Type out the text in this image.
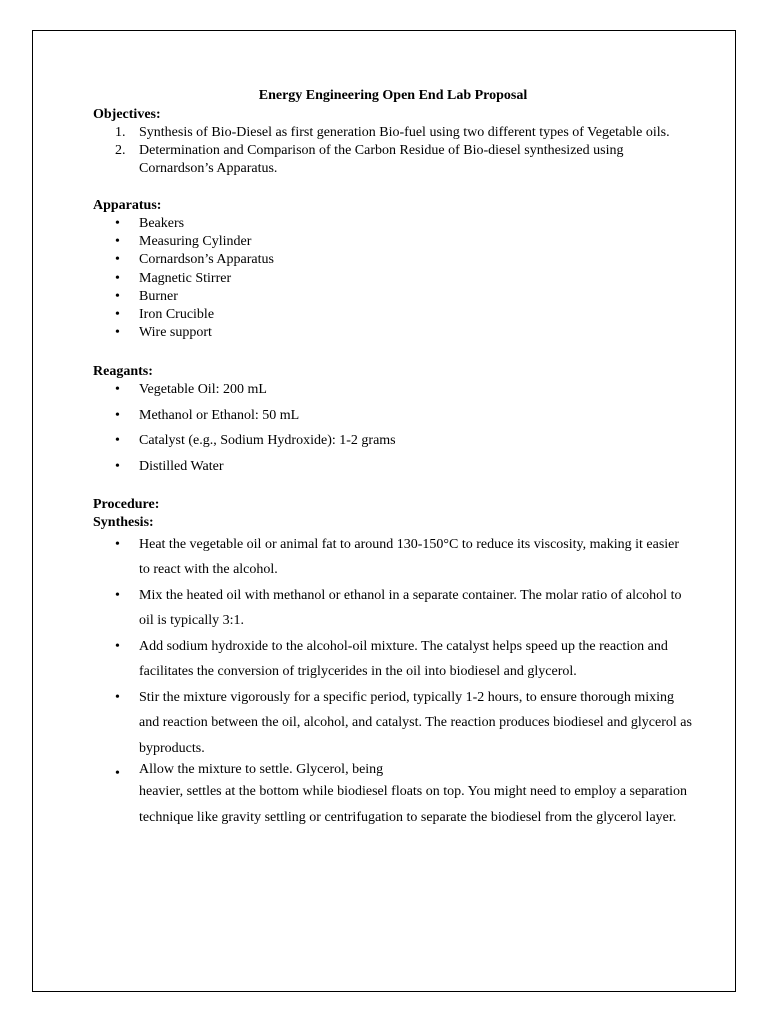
Energy Engineering Open End Lab Proposal

Objectives:

1. Synthesis of Bio-Diesel as first generation Bio-fuel using two different types of Vegetable oils.
2. Determination and Comparison of the Carbon Residue of Bio-diesel synthesized using Cornardson’s Apparatus.

Apparatus:

• Beakers
• Measuring Cylinder
• Cornardson’s Apparatus
• Magnetic Stirrer
• Burner
• Iron Crucible
• Wire support

Reagants:

• Vegetable Oil: 200 mL
• Methanol or Ethanol: 50 mL
• Catalyst (e.g., Sodium Hydroxide): 1-2 grams
• Distilled Water

Procedure:

Synthesis:

• Heat the vegetable oil or animal fat to around 130-150°C to reduce its viscosity, making it easier to react with the alcohol.
• Mix the heated oil with methanol or ethanol in a separate container. The molar ratio of alcohol to oil is typically 3:1.
• Add sodium hydroxide to the alcohol-oil mixture. The catalyst helps speed up the reaction and facilitates the conversion of triglycerides in the oil into biodiesel and glycerol.
• Stir the mixture vigorously for a specific period, typically 1-2 hours, to ensure thorough mixing and reaction between the oil, alcohol, and catalyst. The reaction produces biodiesel and glycerol as byproducts.
• Allow the mixture to settle. Glycerol, being
heavier, settles at the bottom while biodiesel floats on top. You might need to employ a separation technique like gravity settling or centrifugation to separate the biodiesel from the glycerol layer.
